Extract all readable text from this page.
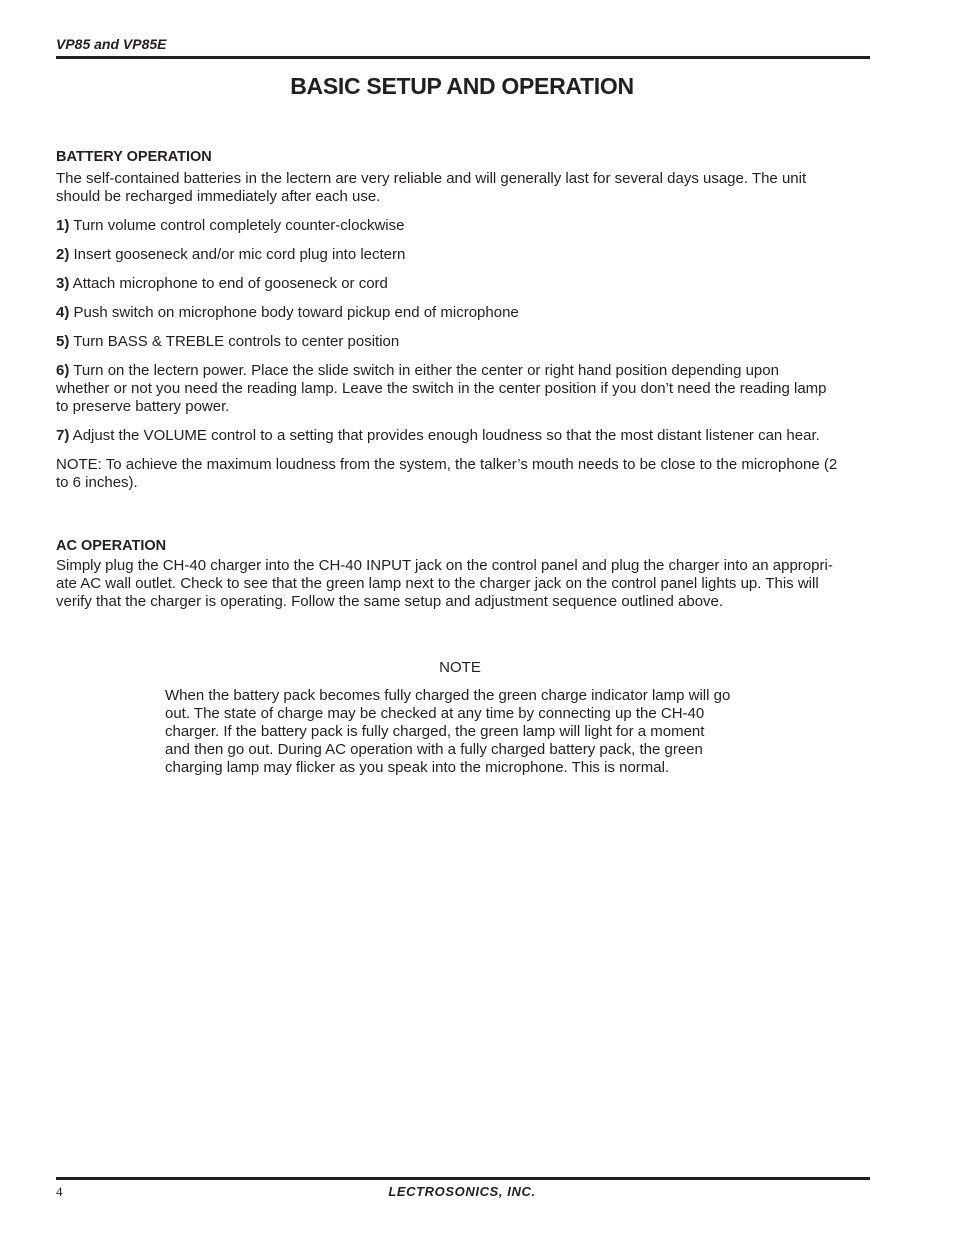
VP85 and VP85E
BASIC SETUP AND OPERATION
BATTERY OPERATION
The self-contained batteries in the lectern are very reliable and will generally last for several days usage. The unit
should be recharged immediately after each use.
1) Turn volume control completely counter-clockwise
2) Insert gooseneck and/or mic cord plug into lectern
3) Attach microphone to end of gooseneck or cord
4) Push switch on microphone body toward pickup end of microphone
5) Turn BASS & TREBLE controls to center position
6) Turn on the lectern power. Place the slide switch in either the center or right hand position depending upon
whether or not you need the reading lamp. Leave the switch in the center position if you don’t need the reading lamp
to preserve battery power.
7) Adjust the VOLUME control to a setting that provides enough loudness so that the most distant listener can hear.
NOTE: To achieve the maximum loudness from the system, the talker’s mouth needs to be close to the microphone (2
to 6 inches).
AC OPERATION
Simply plug the CH-40 charger into the CH-40 INPUT jack on the control panel and plug the charger into an appropri-
ate AC wall outlet. Check to see that the green lamp next to the charger jack on the control panel lights up. This will
verify that the charger is operating. Follow the same setup and adjustment sequence outlined above.
NOTE
When the battery pack becomes fully charged the green charge indicator lamp will go
out. The state of charge may be checked at any time by connecting up the CH-40
charger. If the battery pack is fully charged, the green lamp will light for a moment
and then go out. During AC operation with a fully charged battery pack, the green
charging lamp may flicker as you speak into the microphone. This is normal.
4	LECTROSONICS, INC.
